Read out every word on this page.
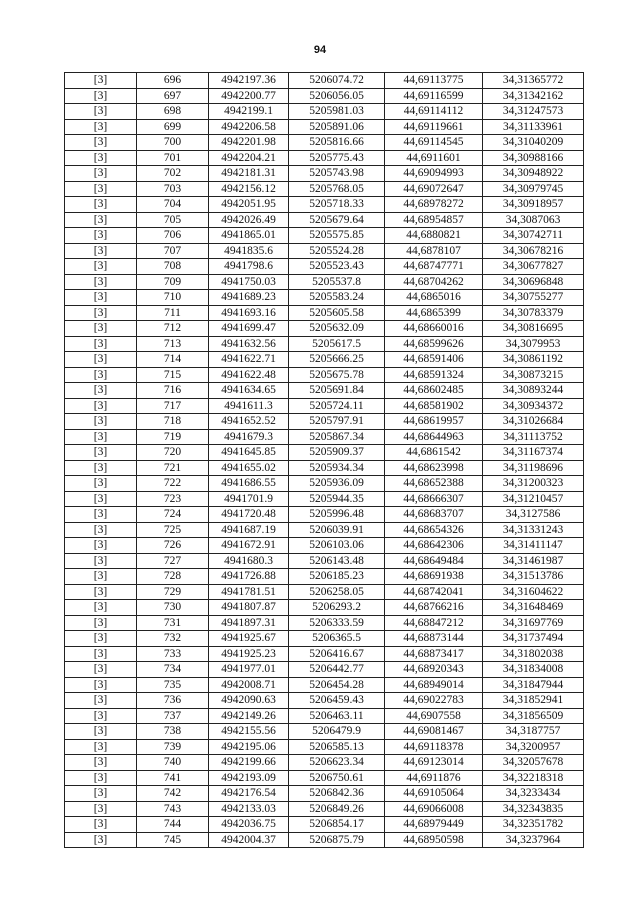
94
[3]	696	4942197.36	5206074.72	44,69113775	34,31365772
[3]	697	4942200.77	5206056.05	44,69116599	34,31342162
[3]	698	4942199.1	5205981.03	44,69114112	34,31247573
[3]	699	4942206.58	5205891.06	44,69119661	34,31133961
[3]	700	4942201.98	5205816.66	44,69114545	34,31040209
[3]	701	4942204.21	5205775.43	44,6911601	34,30988166
[3]	702	4942181.31	5205743.98	44,69094993	34,30948922
[3]	703	4942156.12	5205768.05	44,69072647	34,30979745
[3]	704	4942051.95	5205718.33	44,68978272	34,30918957
[3]	705	4942026.49	5205679.64	44,68954857	34,3087063
[3]	706	4941865.01	5205575.85	44,6880821	34,30742711
[3]	707	4941835.6	5205524.28	44,6878107	34,30678216
[3]	708	4941798.6	5205523.43	44,68747771	34,30677827
[3]	709	4941750.03	5205537.8	44,68704262	34,30696848
[3]	710	4941689.23	5205583.24	44,6865016	34,30755277
[3]	711	4941693.16	5205605.58	44,6865399	34,30783379
[3]	712	4941699.47	5205632.09	44,68660016	34,30816695
[3]	713	4941632.56	5205617.5	44,68599626	34,3079953
[3]	714	4941622.71	5205666.25	44,68591406	34,30861192
[3]	715	4941622.48	5205675.78	44,68591324	34,30873215
[3]	716	4941634.65	5205691.84	44,68602485	34,30893244
[3]	717	4941611.3	5205724.11	44,68581902	34,30934372
[3]	718	4941652.52	5205797.91	44,68619957	34,31026684
[3]	719	4941679.3	5205867.34	44,68644963	34,31113752
[3]	720	4941645.85	5205909.37	44,6861542	34,31167374
[3]	721	4941655.02	5205934.34	44,68623998	34,31198696
[3]	722	4941686.55	5205936.09	44,68652388	34,31200323
[3]	723	4941701.9	5205944.35	44,68666307	34,31210457
[3]	724	4941720.48	5205996.48	44,68683707	34,3127586
[3]	725	4941687.19	5206039.91	44,68654326	34,31331243
[3]	726	4941672.91	5206103.06	44,68642306	34,31411147
[3]	727	4941680.3	5206143.48	44,68649484	34,31461987
[3]	728	4941726.88	5206185.23	44,68691938	34,31513786
[3]	729	4941781.51	5206258.05	44,68742041	34,31604622
[3]	730	4941807.87	5206293.2	44,68766216	34,31648469
[3]	731	4941897.31	5206333.59	44,68847212	34,31697769
[3]	732	4941925.67	5206365.5	44,68873144	34,31737494
[3]	733	4941925.23	5206416.67	44,68873417	34,31802038
[3]	734	4941977.01	5206442.77	44,68920343	34,31834008
[3]	735	4942008.71	5206454.28	44,68949014	34,31847944
[3]	736	4942090.63	5206459.43	44,69022783	34,31852941
[3]	737	4942149.26	5206463.11	44,6907558	34,31856509
[3]	738	4942155.56	5206479.9	44,69081467	34,3187757
[3]	739	4942195.06	5206585.13	44,69118378	34,3200957
[3]	740	4942199.66	5206623.34	44,69123014	34,32057678
[3]	741	4942193.09	5206750.61	44,6911876	34,32218318
[3]	742	4942176.54	5206842.36	44,69105064	34,3233434
[3]	743	4942133.03	5206849.26	44,69066008	34,32343835
[3]	744	4942036.75	5206854.17	44,68979449	34,32351782
[3]	745	4942004.37	5206875.79	44,68950598	34,3237964
